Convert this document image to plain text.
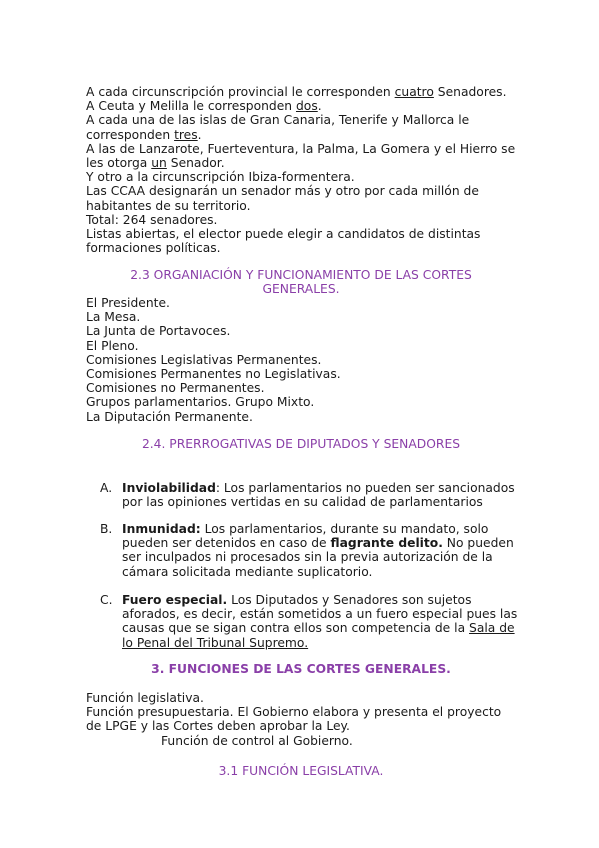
A cada circunscripción provincial le corresponden cuatro Senadores.
A Ceuta y Melilla le corresponden dos.
A cada una de las islas de Gran Canaria, Tenerife y Mallorca le
corresponden tres.
A las de Lanzarote, Fuerteventura, la Palma, La Gomera y el Hierro se
les otorga un Senador.
Y otro a la circunscripción Ibiza-formentera.
Las CCAA designarán un senador más y otro por cada millón de
habitantes de su territorio.
Total: 264 senadores.
Listas abiertas, el elector puede elegir a candidatos de distintas
formaciones políticas.
2.3 ORGANIACIÓN Y FUNCIONAMIENTO DE LAS CORTES
GENERALES.
El Presidente.
La Mesa.
La Junta de Portavoces.
El Pleno.
Comisiones Legislativas Permanentes.
Comisiones Permanentes no Legislativas.
Comisiones no Permanentes.
Grupos parlamentarios. Grupo Mixto.
La Diputación Permanente.
2.4. PRERROGATIVAS DE DIPUTADOS Y SENADORES
A. Inviolabilidad: Los parlamentarios no pueden ser sancionados
por las opiniones vertidas en su calidad de parlamentarios
B. Inmunidad: Los parlamentarios, durante su mandato, solo
pueden ser detenidos en caso de flagrante delito. No pueden
ser inculpados ni procesados sin la previa autorización de la
cámara solicitada mediante suplicatorio.
C. Fuero especial. Los Diputados y Senadores son sujetos
aforados, es decir, están sometidos a un fuero especial pues las
causas que se sigan contra ellos son competencia de la Sala de
lo Penal del Tribunal Supremo.
3. FUNCIONES DE LAS CORTES GENERALES.
Función legislativa.
Función presupuestaria. El Gobierno elabora y presenta el proyecto
de LPGE y las Cortes deben aprobar la Ley.
Función de control al Gobierno.
3.1 FUNCIÓN LEGISLATIVA.
